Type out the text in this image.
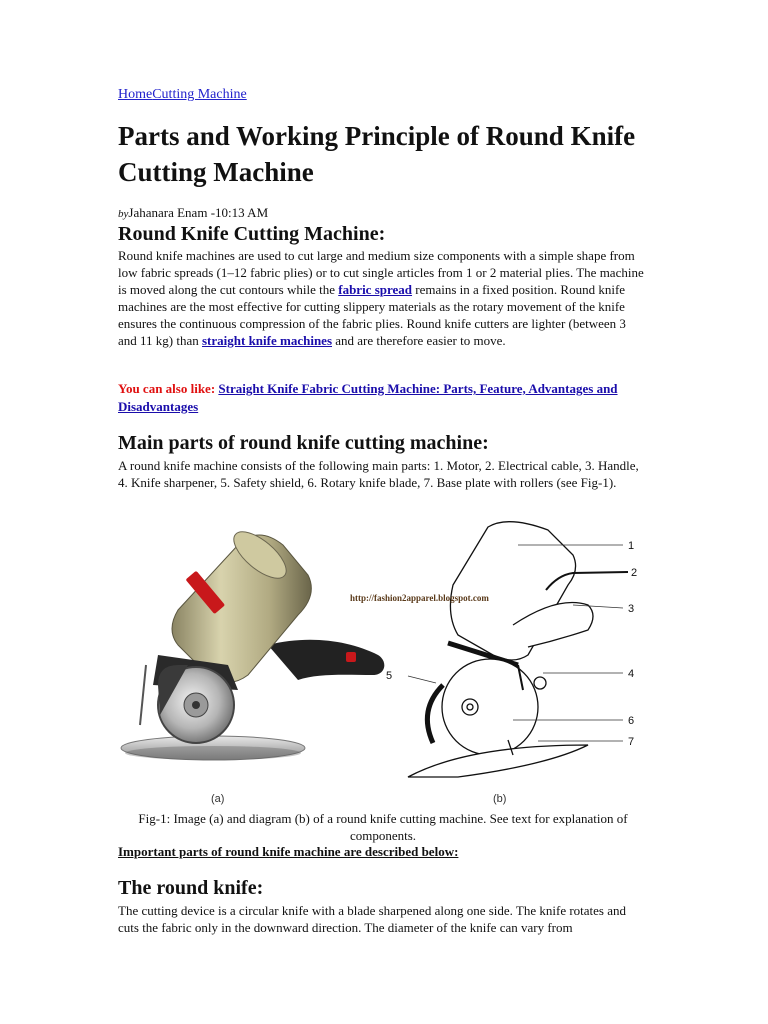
HomeCutting Machine
Parts and Working Principle of Round Knife Cutting Machine
byJahanara Enam -10:13 AM
Round Knife Cutting Machine:

Round knife machines are used to cut large and medium size components with a simple shape from low fabric spreads (1–12 fabric plies) or to cut single articles from 1 or 2 material plies. The machine is moved along the cut contours while the fabric spread remains in a fixed position. Round knife machines are the most effective for cutting slippery materials as the rotary movement of the knife ensures the continuous compression of the fabric plies. Round knife cutters are lighter (between 3 and 11 kg) than straight knife machines and are therefore easier to move.

You can also like: Straight Knife Fabric Cutting Machine: Parts, Feature, Advantages and Disadvantages

Main parts of round knife cutting machine:

A round knife machine consists of the following main parts: 1. Motor, 2. Electrical cable, 3. Handle, 4. Knife sharpener, 5. Safety shield, 6. Rotary knife blade, 7. Base plate with rollers (see Fig-1).

(a)
http://fashion2apparel.blogspot.com
1
2
3
4
5
6
7
(b)
Fig-1: Image (a) and diagram (b) of a round knife cutting machine. See text for explanation of components.
Important parts of round knife machine are described below:
The round knife:

The cutting device is a circular knife with a blade sharpened along one side. The knife rotates and cuts the fabric only in the downward direction. The diameter of the knife can vary from
